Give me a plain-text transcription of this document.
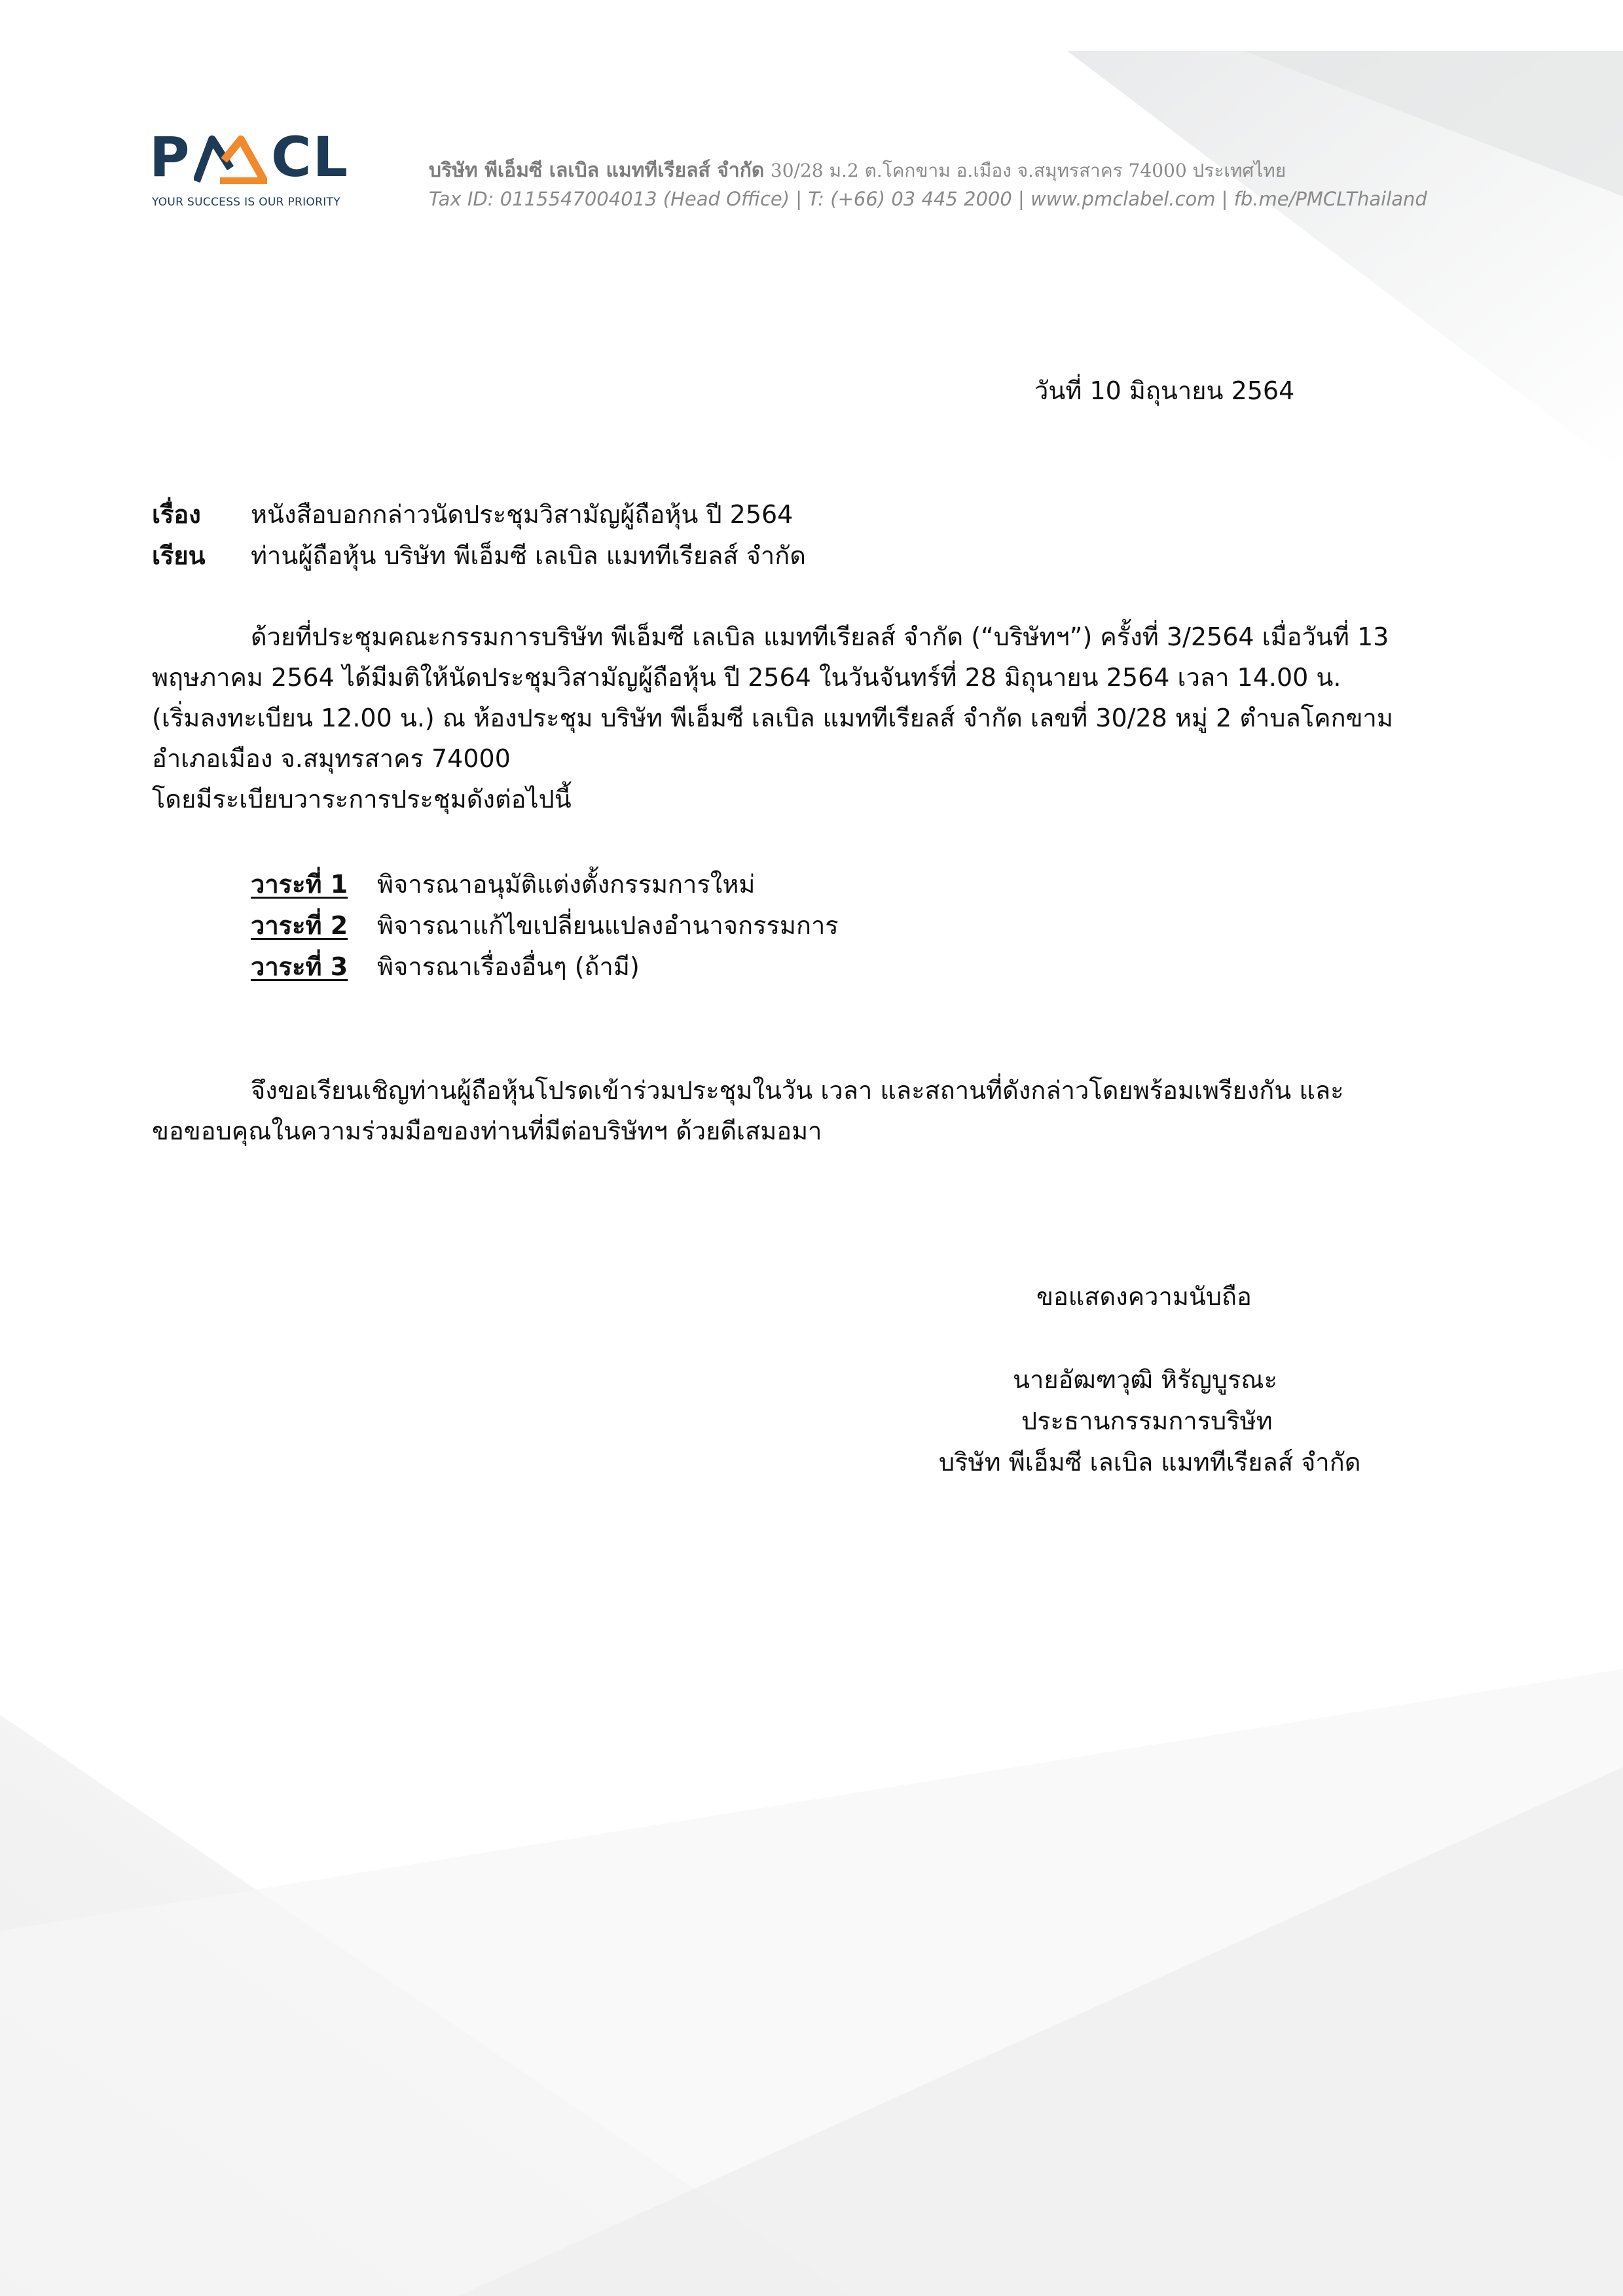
P CL
YOUR SUCCESS IS OUR PRIORITY
บริษัท พีเอ็มซี เลเบิล แมททีเรียลส์ จำกัด 30/28 ม.2 ต.โคกขาม อ.เมือง จ.สมุทรสาคร 74000 ประเทศไทย
Tax ID: 0115547004013 (Head Office) | T: (+66) 03 445 2000 | www.pmclabel.com | fb.me/PMCLThailand
วันที่ 10 มิถุนายน 2564
เรื่อง หนังสือบอกกล่าวนัดประชุมวิสามัญผู้ถือหุ้น ปี 2564
เรียน ท่านผู้ถือหุ้น บริษัท พีเอ็มซี เลเบิล แมททีเรียลส์ จำกัด
ด้วยที่ประชุมคณะกรรมการบริษัท พีเอ็มซี เลเบิล แมททีเรียลส์ จำกัด (“บริษัทฯ”) ครั้งที่ 3/2564 เมื่อวันที่ 13
พฤษภาคม 2564 ได้มีมติให้นัดประชุมวิสามัญผู้ถือหุ้น ปี 2564 ในวันจันทร์ที่ 28 มิถุนายน 2564 เวลา 14.00 น.
(เริ่มลงทะเบียน 12.00 น.) ณ ห้องประชุม บริษัท พีเอ็มซี เลเบิล แมททีเรียลส์ จำกัด เลขที่ 30/28 หมู่ 2 ตำบลโคกขาม
อำเภอเมือง จ.สมุทรสาคร 74000
โดยมีระเบียบวาระการประชุมดังต่อไปนี้
วาระที่ 1 พิจารณาอนุมัติแต่งตั้งกรรมการใหม่
วาระที่ 2 พิจารณาแก้ไขเปลี่ยนแปลงอำนาจกรรมการ
วาระที่ 3 พิจารณาเรื่องอื่นๆ (ถ้ามี)
จึงขอเรียนเชิญท่านผู้ถือหุ้นโปรดเข้าร่วมประชุมในวัน เวลา และสถานที่ดังกล่าวโดยพร้อมเพรียงกัน และ
ขอขอบคุณในความร่วมมือของท่านที่มีต่อบริษัทฯ ด้วยดีเสมอมา
ขอแสดงความนับถือ
นายอัฒฑวุฒิ หิรัญบูรณะ
ประธานกรรมการบริษัท
บริษัท พีเอ็มซี เลเบิล แมททีเรียลส์ จำกัด
